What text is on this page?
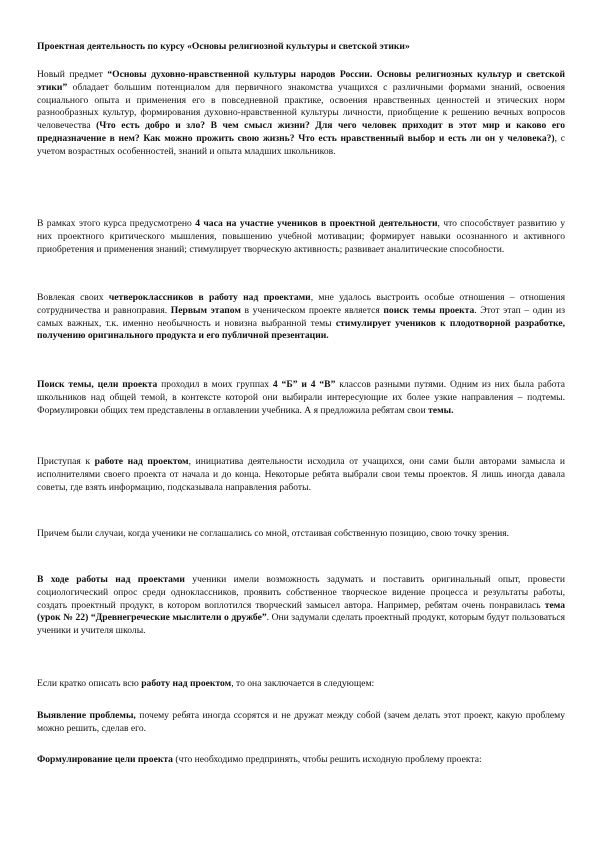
Проектная деятельность по курсу «Основы религиозной культуры и светской этики»

Новый предмет “Основы духовно-нравственной культуры народов России. Основы религиозных культур и светской этики” обладает большим потенциалом для первичного знакомства учащихся с различными формами знаний, освоения социального опыта и применения его в повседневной практике, освоения нравственных ценностей и этических норм разнообразных культур, формирования духовно-нравственной культуры личности, приобщение к решению вечных вопросов человечества (Что есть добро и зло? В чем смысл жизни? Для чего человек приходит в этот мир и каково его предназначение в нем? Как можно прожить свою жизнь? Что есть нравственный выбор и есть ли он у человека?), с учетом возрастных особенностей, знаний и опыта младших школьников.

В рамках этого курса предусмотрено 4 часа на участие учеников в проектной деятельности, что способствует развитию у них проектного критического мышления, повышению учебной мотивации; формирует навыки осознанного и активного приобретения и применения знаний; стимулирует творческую активность; развивает аналитические способности.

Вовлекая своих четвероклассников в работу над проектами, мне удалось выстроить особые отношения – отношения сотрудничества и равноправия. Первым этапом в ученическом проекте является поиск темы проекта. Этот этап – один из самых важных, т.к. именно необычность и новизна выбранной темы стимулирует учеников к плодотворной разработке, получению оригинального продукта и его публичной презентации.

Поиск темы, цели проекта проходил в моих группах 4 “Б” и 4 “В” классов разными путями. Одним из них была работа школьников над общей темой, в контексте которой они выбирали интересующие их более узкие направления – подтемы. Формулировки общих тем представлены в оглавлении учебника. А я предложила ребятам свои темы.

Приступая к работе над проектом, инициатива деятельности исходила от учащихся, они сами были авторами замысла и исполнителями своего проекта от начала и до конца. Некоторые ребята выбрали свои темы проектов. Я лишь иногда давала советы, где взять информацию, подсказывала направления работы.

Причем были случаи, когда ученики не соглашались со мной, отстаивая собственную позицию, свою точку зрения.

В ходе работы над проектами ученики имели возможность задумать и поставить оригинальный опыт, провести социологический опрос среди одноклассников, проявить собственное творческое видение процесса и результаты работы, создать проектный продукт, в котором воплотился творческий замысел автора. Например, ребятам очень понравилась тема (урок № 22) “Древнегреческие мыслители о дружбе”. Они задумали сделать проектный продукт, которым будут пользоваться ученики и учителя школы.

Если кратко описать всю работу над проектом, то она заключается в следующем:

Выявление проблемы, почему ребята иногда ссорятся и не дружат между собой (зачем делать этот проект, какую проблему можно решить, сделав его.

Формулирование цели проекта (что необходимо предпринять, чтобы решить исходную проблему проекта:
